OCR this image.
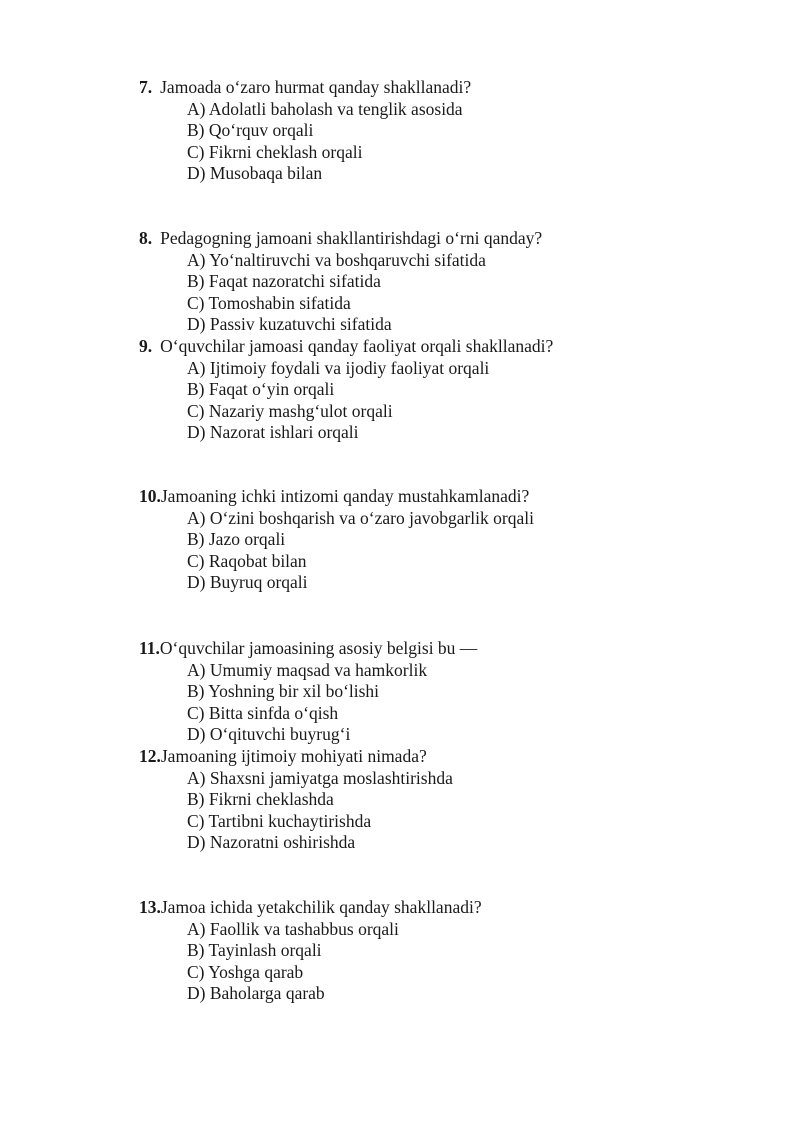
7. Jamoada o‘zaro hurmat qanday shakllanadi?
A) Adolatli baholash va tenglik asosida
B) Qo‘rquv orqali
C) Fikrni cheklash orqali
D) Musobaqa bilan
8. Pedagogning jamoani shakllantirishdagi o‘rni qanday?
A) Yo‘naltiruvchi va boshqaruvchi sifatida
B) Faqat nazoratchi sifatida
C) Tomoshabin sifatida
D) Passiv kuzatuvchi sifatida
9. O‘quvchilar jamoasi qanday faoliyat orqali shakllanadi?
A) Ijtimoiy foydali va ijodiy faoliyat orqali
B) Faqat o‘yin orqali
C) Nazariy mashg‘ulot orqali
D) Nazorat ishlari orqali
10.Jamoaning ichki intizomi qanday mustahkamlanadi?
A) O‘zini boshqarish va o‘zaro javobgarlik orqali
B) Jazo orqali
C) Raqobat bilan
D) Buyruq orqali
11.O‘quvchilar jamoasining asosiy belgisi bu —
A) Umumiy maqsad va hamkorlik
B) Yoshning bir xil bo‘lishi
C) Bitta sinfda o‘qish
D) O‘qituvchi buyrug‘i
12.Jamoaning ijtimoiy mohiyati nimada?
A) Shaxsni jamiyatga moslashtirishda
B) Fikrni cheklashda
C) Tartibni kuchaytirishda
D) Nazoratni oshirishda
13.Jamoa ichida yetakchilik qanday shakllanadi?
A) Faollik va tashabbus orqali
B) Tayinlash orqali
C) Yoshga qarab
D) Baholarga qarab
